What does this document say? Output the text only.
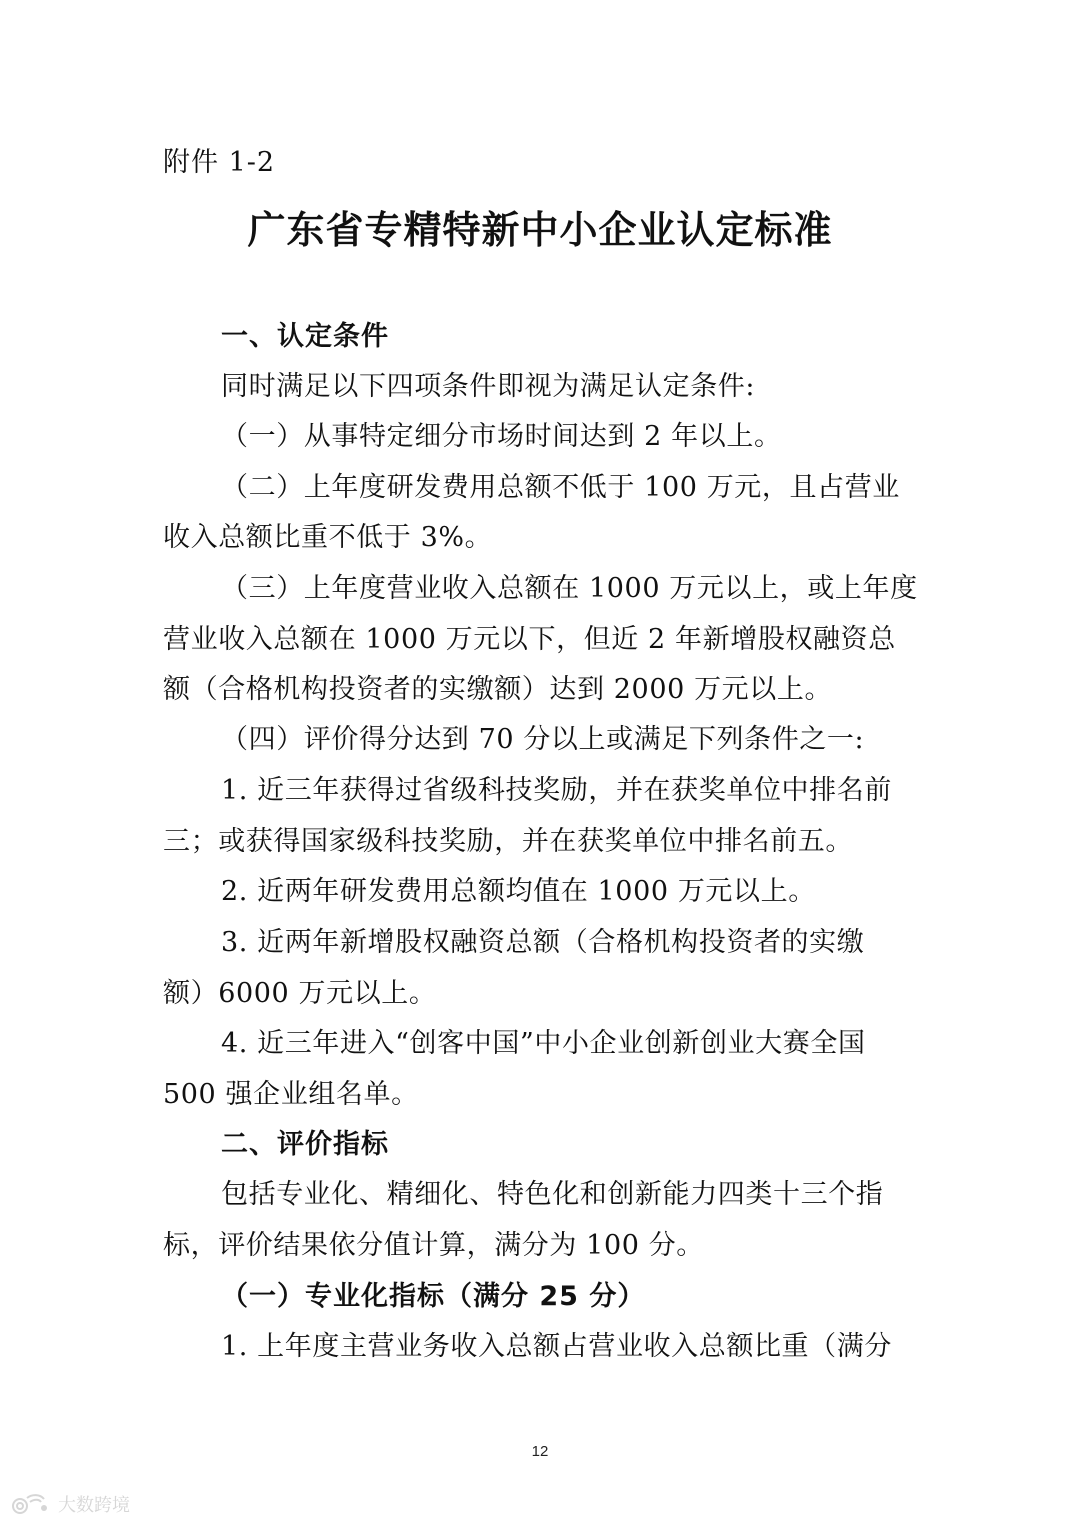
附件 1-2
广东省专精特新中小企业认定标准
一、认定条件
同时满足以下四项条件即视为满足认定条件:
（一）从事特定细分市场时间达到 2 年以上。
（二）上年度研发费用总额不低于 100 万元，且占营业
收入总额比重不低于 3%。
（三）上年度营业收入总额在 1000 万元以上，或上年度
营业收入总额在 1000 万元以下，但近 2 年新增股权融资总
额（合格机构投资者的实缴额）达到 2000 万元以上。
（四）评价得分达到 70 分以上或满足下列条件之一:
1. 近三年获得过省级科技奖励，并在获奖单位中排名前
三；或获得国家级科技奖励，并在获奖单位中排名前五。
2. 近两年研发费用总额均值在 1000 万元以上。
3. 近两年新增股权融资总额（合格机构投资者的实缴
额）6000 万元以上。
4. 近三年进入“创客中国”中小企业创新创业大赛全国
500 强企业组名单。
二、评价指标
包括专业化、精细化、特色化和创新能力四类十三个指
标，评价结果依分值计算，满分为 100 分。
（一）专业化指标（满分 25 分）
1. 上年度主营业务收入总额占营业收入总额比重（满分
12
大数跨境
